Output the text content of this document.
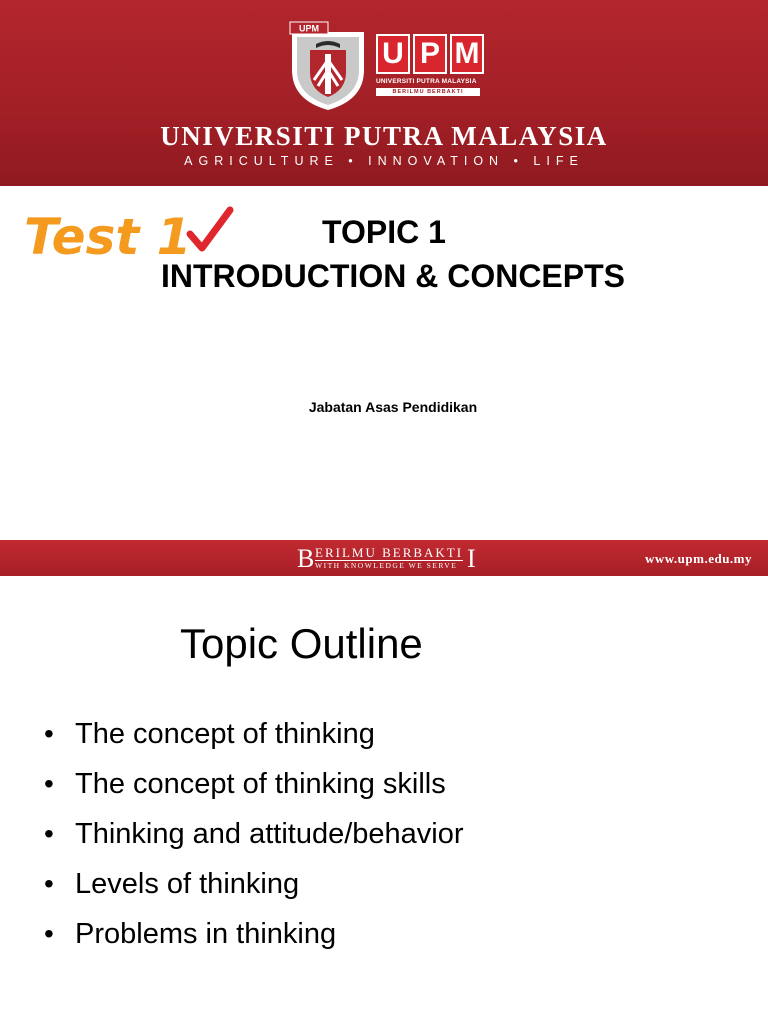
UPM
U P M
UNIVERSITI PUTRA MALAYSIA
BERILMU BERBAKTI
UNIVERSITI PUTRA MALAYSIA
AGRICULTURE • INNOVATION • LIFE
Test 1	TOPIC 1
INTRODUCTION & CONCEPTS
Jabatan Asas Pendidikan
B ERILMU BERBAKTI
WITH KNOWLEDGE WE SERVE I	www.upm.edu.my
Topic Outline
• The concept of thinking
• The concept of thinking skills
• Thinking and attitude/behavior
• Levels of thinking
• Problems in thinking
